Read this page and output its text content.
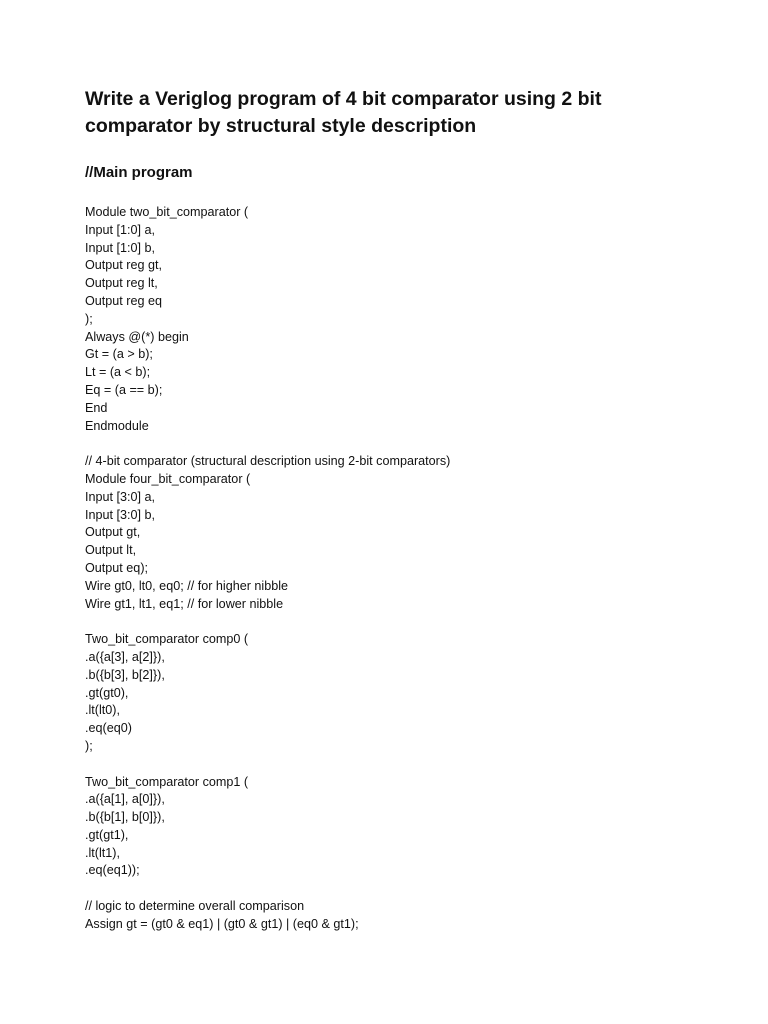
Write a Veriglog program of 4 bit comparator using 2 bit comparator by structural style description
//Main program
Module two_bit_comparator (
Input [1:0] a,
Input [1:0] b,
Output reg gt,
Output reg lt,
Output reg eq
);
Always @(*) begin
Gt = (a > b);
Lt = (a < b);
Eq = (a == b);
End
Endmodule
// 4-bit comparator (structural description using 2-bit comparators)
Module four_bit_comparator (
Input [3:0] a,
Input [3:0] b,
Output gt,
Output lt,
Output eq);
Wire gt0, lt0, eq0; // for higher nibble
Wire gt1, lt1, eq1; // for lower nibble
Two_bit_comparator comp0 (
.a({a[3], a[2]}),
.b({b[3], b[2]}),
.gt(gt0),
.lt(lt0),
.eq(eq0)
);
Two_bit_comparator comp1 (
.a({a[1], a[0]}),
.b({b[1], b[0]}),
.gt(gt1),
.lt(lt1),
.eq(eq1));
// logic to determine overall comparison
Assign gt = (gt0 & eq1) | (gt0 & gt1) | (eq0 & gt1);
